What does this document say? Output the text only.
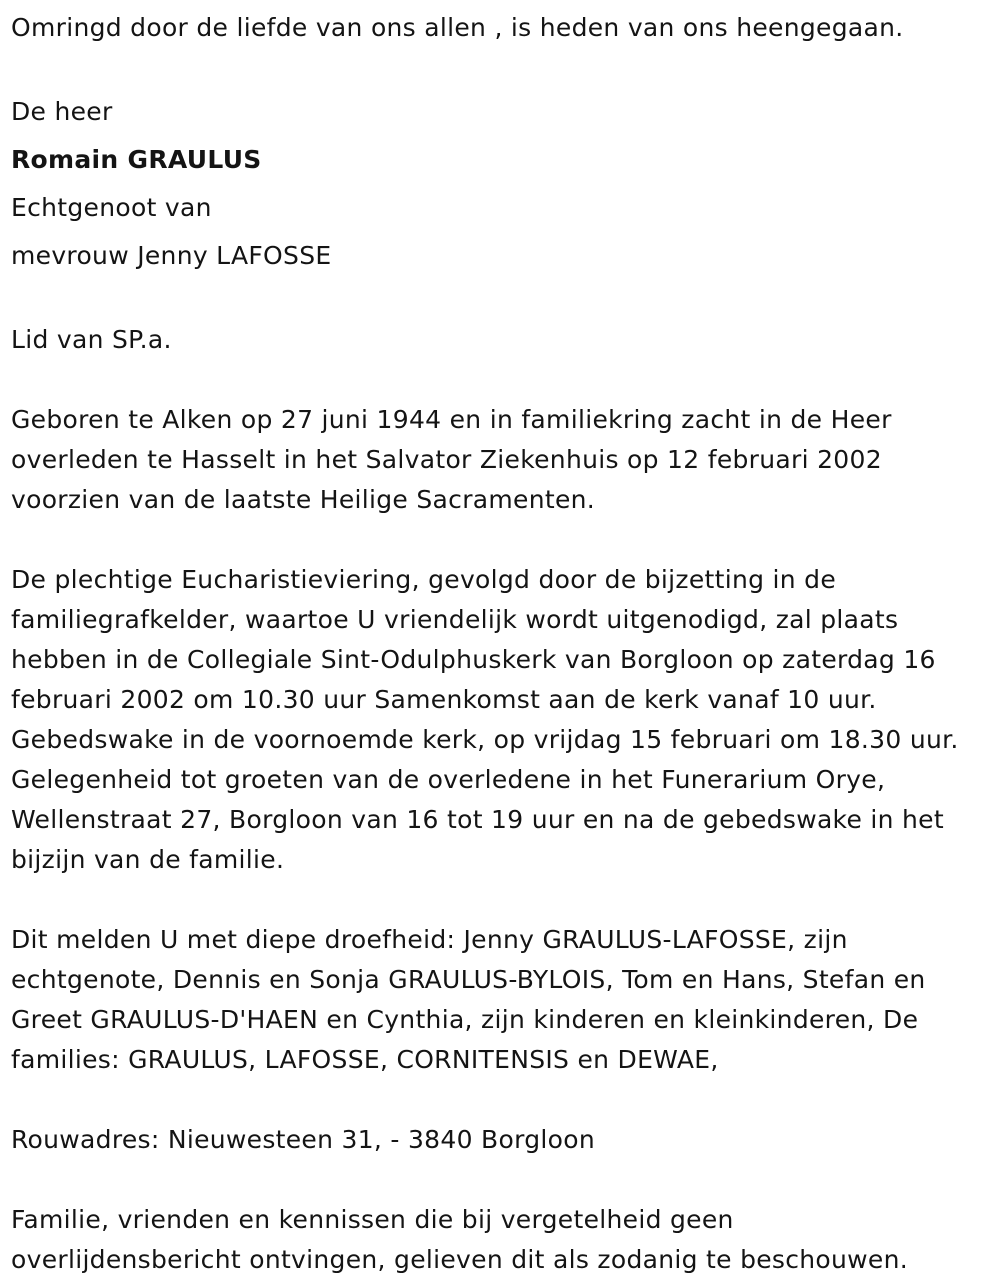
Omringd door de liefde van ons allen , is heden van ons heengegaan.

De heer

Romain GRAULUS

Echtgenoot van

mevrouw Jenny LAFOSSE

Lid van SP.a.

Geboren te Alken op 27 juni 1944 en in familiekring zacht in de Heer

overleden te Hasselt in het Salvator Ziekenhuis op 12 februari 2002

voorzien van de laatste Heilige Sacramenten.

De plechtige Eucharistieviering, gevolgd door de bijzetting in de

familiegrafkelder, waartoe U vriendelijk wordt uitgenodigd, zal plaats

hebben in de Collegiale Sint-Odulphuskerk van Borgloon op zaterdag 16

februari 2002 om 10.30 uur Samenkomst aan de kerk vanaf 10 uur.

Gebedswake in de voornoemde kerk, op vrijdag 15 februari om 18.30 uur.

Gelegenheid tot groeten van de overledene in het Funerarium Orye,

Wellenstraat 27, Borgloon van 16 tot 19 uur en na de gebedswake in het

bijzijn van de familie.

Dit melden U met diepe droefheid: Jenny GRAULUS-LAFOSSE, zijn

echtgenote, Dennis en Sonja GRAULUS-BYLOIS, Tom en Hans, Stefan en

Greet GRAULUS-D'HAEN en Cynthia, zijn kinderen en kleinkinderen, De

families: GRAULUS, LAFOSSE, CORNITENSIS en DEWAE,

Rouwadres: Nieuwesteen 31, - 3840 Borgloon

Familie, vrienden en kennissen die bij vergetelheid geen

overlijdensbericht ontvingen, gelieven dit als zodanig te beschouwen.
